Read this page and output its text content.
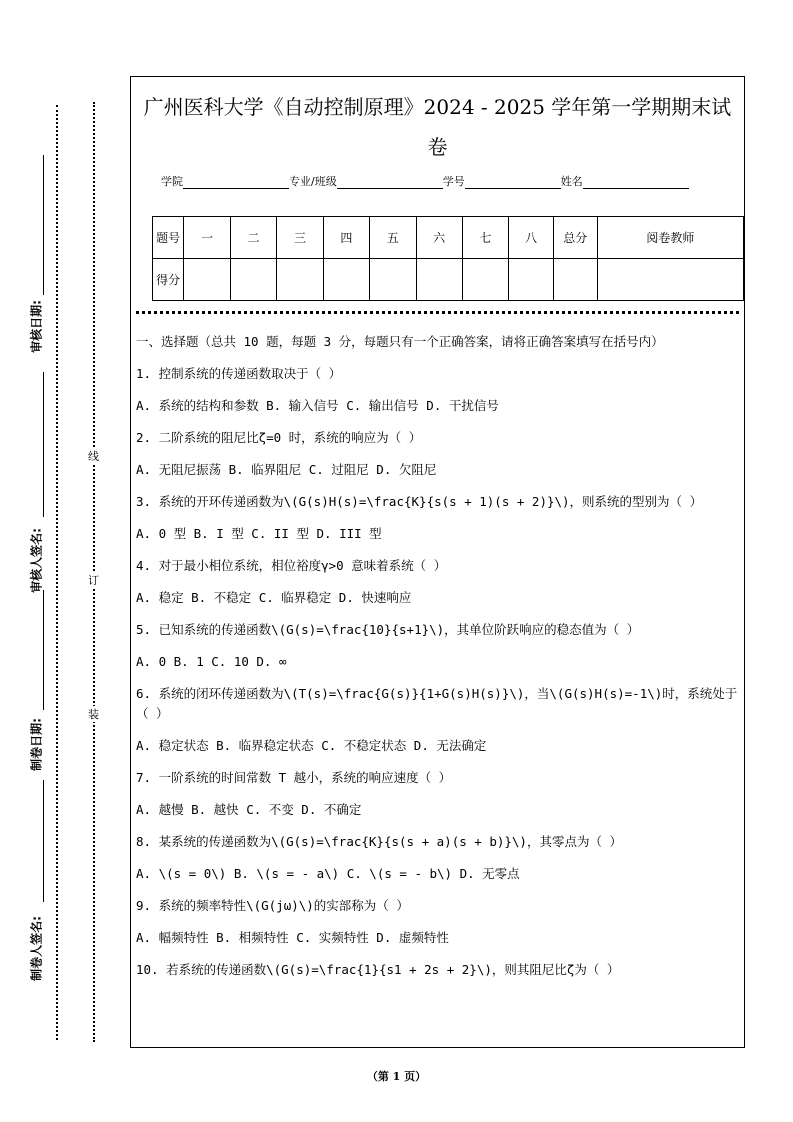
审核日期:
审核人签名:
制卷日期:
制卷人签名:
线
订
装
广州医科大学《自动控制原理》2024 - 2025 学年第一学期期末试卷
学院	专业/班级	学号	姓名
题号	一	二	三	四	五	六	七	八	总分	阅卷教师
得分										

一、选择题（总共 10 题，每题 3 分，每题只有一个正确答案，请将正确答案填写在括号内）

1. 控制系统的传递函数取决于（ ）

A. 系统的结构和参数 B. 输入信号 C. 输出信号 D. 干扰信号

2. 二阶系统的阻尼比ζ=0 时，系统的响应为（ ）

A. 无阻尼振荡 B. 临界阻尼 C. 过阻尼 D. 欠阻尼

3. 系统的开环传递函数为\(G(s)H(s)=\frac{K}{s(s + 1)(s + 2)}\)，则系统的型别为（ ）

A. 0 型 B. I 型 C. II 型 D. III 型

4. 对于最小相位系统，相位裕度γ>0 意味着系统（ ）

A. 稳定 B. 不稳定 C. 临界稳定 D. 快速响应

5. 已知系统的传递函数\(G(s)=\frac{10}{s+1}\)，其单位阶跃响应的稳态值为（ ）

A. 0 B. 1 C. 10 D. ∞

6. 系统的闭环传递函数为\(T(s)=\frac{G(s)}{1+G(s)H(s)}\)，当\(G(s)H(s)=-1\)时，系统处于（ ）

A. 稳定状态 B. 临界稳定状态 C. 不稳定状态 D. 无法确定

7. 一阶系统的时间常数 T 越小，系统的响应速度（ ）

A. 越慢 B. 越快 C. 不变 D. 不确定

8. 某系统的传递函数为\(G(s)=\frac{K}{s(s + a)(s + b)}\)，其零点为（ ）

A. \(s = 0\) B. \(s = - a\) C. \(s = - b\) D. 无零点

9. 系统的频率特性\(G(jω)\)的实部称为（ ）

A. 幅频特性 B. 相频特性 C. 实频特性 D. 虚频特性

10. 若系统的传递函数\(G(s)=\frac{1}{s1 + 2s + 2}\)，则其阻尼比ζ为（ ）

（第 1 页）
